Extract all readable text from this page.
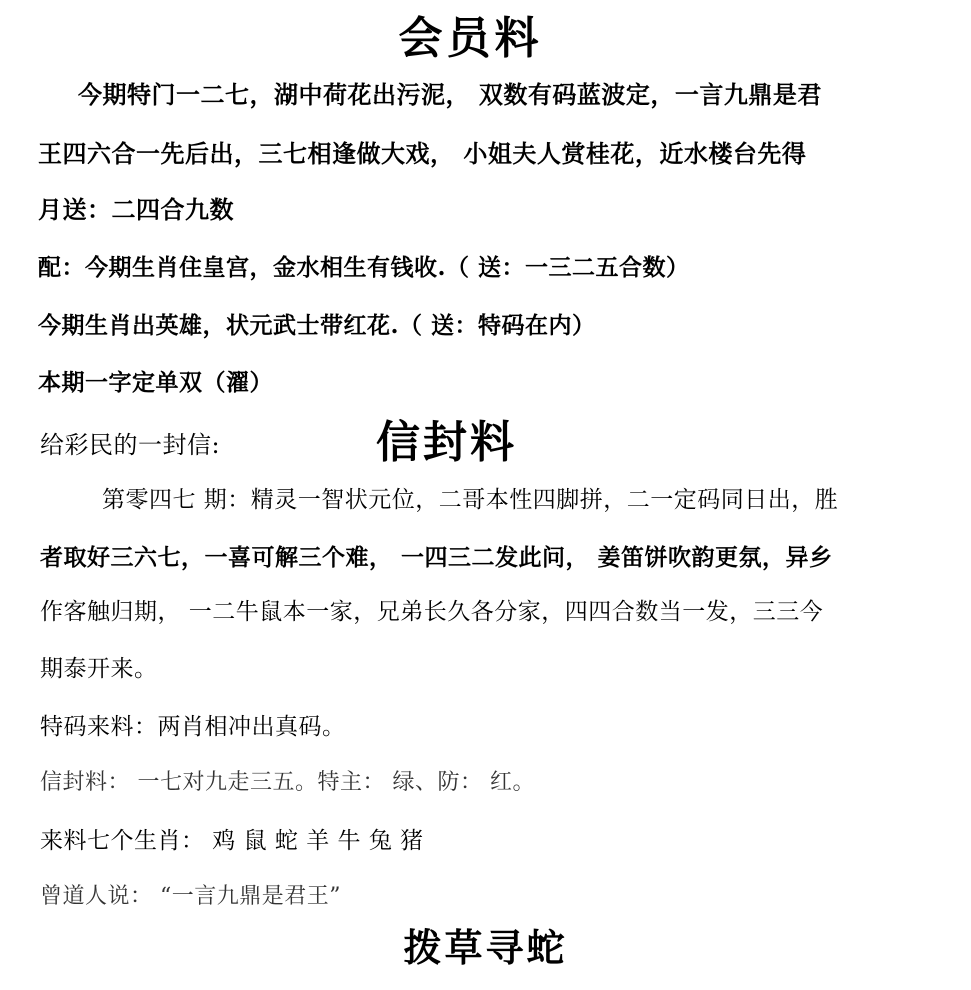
会员料

今期特门一二七，湖中荷花出污泥， 双数有码蓝波定，一言九鼎是君

王四六合一先后出，三七相逢做大戏， 小姐夫人赏桂花，近水楼台先得

月送：二四合九数

配：今期生肖住皇宫，金水相生有钱收.（ 送：一三二五合数）

今期生肖出英雄，状元武士带红花.（ 送：特码在内）

本期一字定单双（濯）

给彩民的一封信:	信封料

第零四七 期：精灵一智状元位，二哥本性四脚拼，二一定码同日出，胜

者取好三六七，一喜可解三个难， 一四三二发此问， 姜笛饼吹韵更氛，异乡

作客触归期， 一二牛鼠本一家，兄弟长久各分家，四四合数当一发，三三今

期泰开来。

特码来料：两肖相冲出真码。

信封料： 一七对九走三五。特主： 绿、防： 红。

来料七个生肖： 鸡 鼠 蛇 羊 牛 兔 猪

曾道人说： “一言九鼎是君王”

拨草寻蛇
